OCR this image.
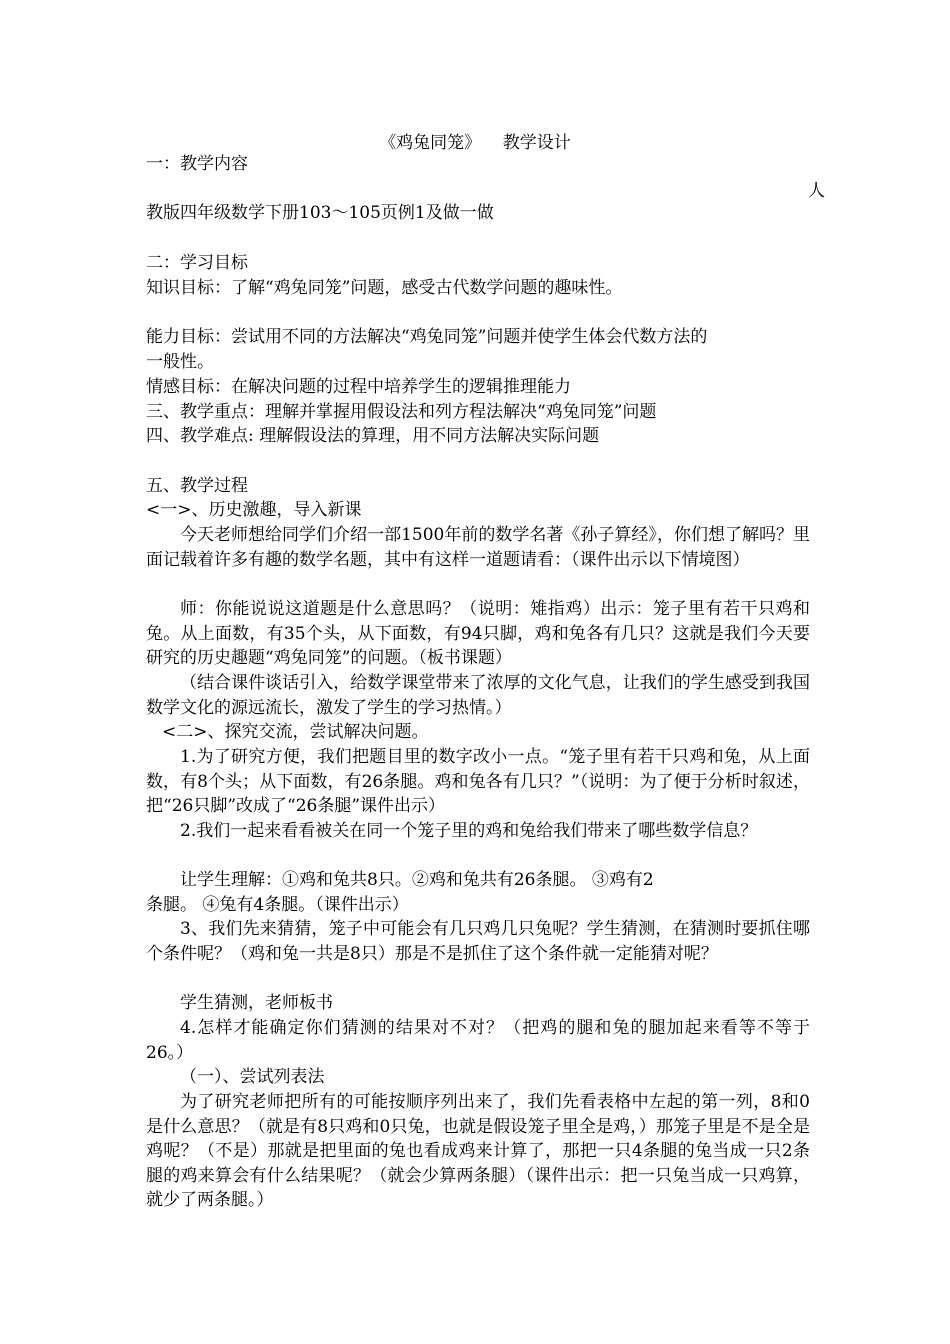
《鸡兔同笼》    教学设计
一：教学内容
人
教版四年级数学下册103～105页例1及做一做
二：学习目标
知识目标：了解“鸡兔同笼”问题，感受古代数学问题的趣味性。
能力目标：尝试用不同的方法解决“鸡兔同笼”问题并使学生体会代数方法的
一般性。
情感目标：在解决问题的过程中培养学生的逻辑推理能力
三、教学重点：理解并掌握用假设法和列方程法解决“鸡兔同笼”问题
四、教学难点: 理解假设法的算理，用不同方法解决实际问题
五、教学过程
<一>、历史激趣，导入新课
今天老师想给同学们介绍一部1500年前的数学名著《孙子算经》，你们想了解吗？里面记载着许多有趣的数学名题，其中有这样一道题请看：（课件出示以下情境图）
师：你能说说这道题是什么意思吗？（说明：雉指鸡）出示：笼子里有若干只鸡和兔。从上面数，有35个头，从下面数，有94只脚，鸡和兔各有几只？这就是我们今天要研究的历史趣题“鸡兔同笼”的问题。（板书课题）
（结合课件谈话引入，给数学课堂带来了浓厚的文化气息，让我们的学生感受到我国数学文化的源远流长，激发了学生的学习热情。）
<二>、探究交流，尝试解决问题。
1.为了研究方便，我们把题目里的数字改小一点。“笼子里有若干只鸡和兔，从上面数，有8个头；从下面数，有26条腿。鸡和兔各有几只？”（说明：为了便于分析时叙述，把“26只脚”改成了“26条腿”课件出示）
2.我们一起来看看被关在同一个笼子里的鸡和兔给我们带来了哪些数学信息？
让学生理解：①鸡和兔共8只。②鸡和兔共有26条腿。 ③鸡有2
条腿。 ④兔有4条腿。（课件出示）
3、我们先来猜猜，笼子中可能会有几只鸡几只兔呢？学生猜测，在猜测时要抓住哪个条件呢？（鸡和兔一共是8只）那是不是抓住了这个条件就一定能猜对呢？
学生猜测，老师板书
4.怎样才能确定你们猜测的结果对不对？（把鸡的腿和兔的腿加起来看等不等于26。）
（一）、尝试列表法
为了研究老师把所有的可能按顺序列出来了，我们先看表格中左起的第一列，8和0是什么意思？（就是有8只鸡和0只兔，也就是假设笼子里全是鸡，）那笼子里是不是全是鸡呢？（不是）那就是把里面的兔也看成鸡来计算了，那把一只4条腿的兔当成一只2条腿的鸡来算会有什么结果呢？（就会少算两条腿）（课件出示：把一只兔当成一只鸡算，就少了两条腿。）
